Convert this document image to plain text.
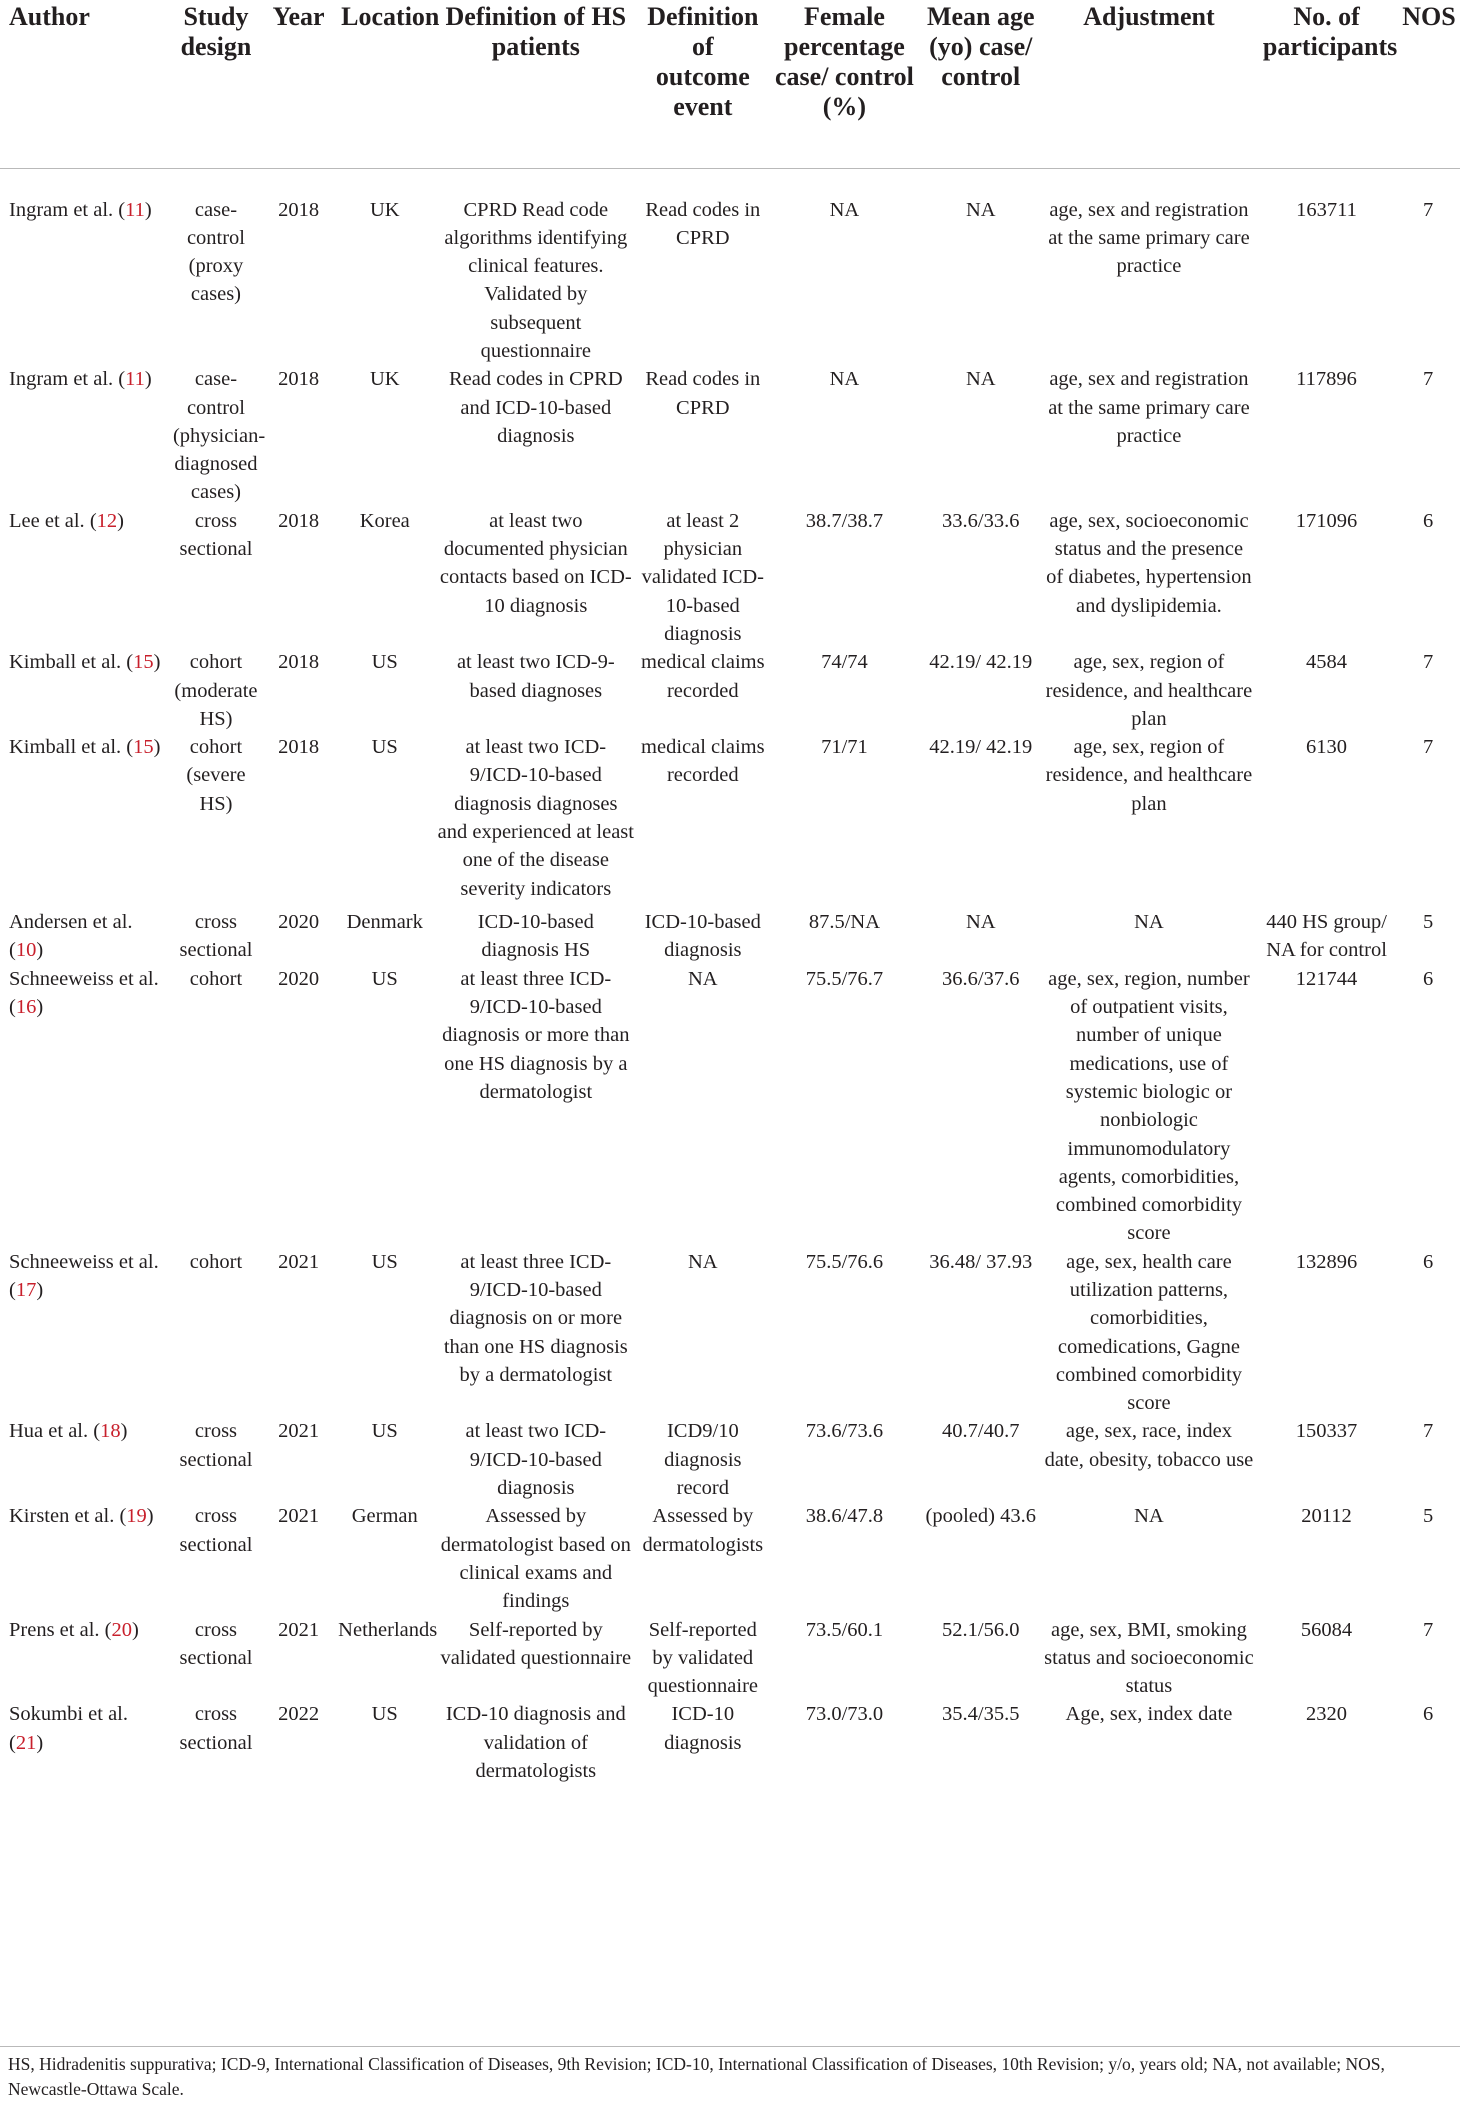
Author	Study design	Year	Location	Definition of HS patients	Definition of outcome event	Female percentage case/ control (%)	Mean age (yo) case/ control	Adjustment	No. of participants	NOS
Ingram et al. (11)	case-control (proxy cases)	2018	UK	CPRD Read code algorithms identifying clinical features. Validated by subsequent questionnaire	Read codes in CPRD	NA	NA	age, sex and registration at the same primary care practice	163711	7
Ingram et al. (11)	case-control (physician-diagnosed cases)	2018	UK	Read codes in CPRD and ICD-10-based diagnosis	Read codes in CPRD	NA	NA	age, sex and registration at the same primary care practice	117896	7
Lee et al. (12)	cross sectional	2018	Korea	at least two documented physician contacts based on ICD-10 diagnosis	at least 2 physician validated ICD-10-based diagnosis	38.7/38.7	33.6/33.6	age, sex, socioeconomic status and the presence of diabetes, hypertension and dyslipidemia.	171096	6
Kimball et al. (15)	cohort (moderate HS)	2018	US	at least two ICD-9-based diagnoses	medical claims recorded	74/74	42.19/ 42.19	age, sex, region of residence, and healthcare plan	4584	7
Kimball et al. (15)	cohort (severe HS)	2018	US	at least two ICD-9/ICD-10-based diagnosis diagnoses and experienced at least one of the disease severity indicators	medical claims recorded	71/71	42.19/ 42.19	age, sex, region of residence, and healthcare plan	6130	7
Andersen et al. (10)	cross sectional	2020	Denmark	ICD-10-based diagnosis HS	ICD-10-based diagnosis	87.5/NA	NA	NA	440 HS group/ NA for control	5
Schneeweiss et al. (16)	cohort	2020	US	at least three ICD-9/ICD-10-based diagnosis or more than one HS diagnosis by a dermatologist	NA	75.5/76.7	36.6/37.6	age, sex, region, number of outpatient visits, number of unique medications, use of systemic biologic or nonbiologic immunomodulatory agents, comorbidities, combined comorbidity score	121744	6
Schneeweiss et al. (17)	cohort	2021	US	at least three ICD-9/ICD-10-based diagnosis on or more than one HS diagnosis by a dermatologist	NA	75.5/76.6	36.48/ 37.93	age, sex, health care utilization patterns, comorbidities, comedications, Gagne combined comorbidity score	132896	6
Hua et al. (18)	cross sectional	2021	US	at least two ICD-9/ICD-10-based diagnosis	ICD9/10 diagnosis record	73.6/73.6	40.7/40.7	age, sex, race, index date, obesity, tobacco use	150337	7
Kirsten et al. (19)	cross sectional	2021	German	Assessed by dermatologist based on clinical exams and findings	Assessed by dermatologists	38.6/47.8	(pooled) 43.6	NA	20112	5
Prens et al. (20)	cross sectional	2021	Netherlands	Self-reported by validated questionnaire	Self-reported by validated questionnaire	73.5/60.1	52.1/56.0	age, sex, BMI, smoking status and socioeconomic status	56084	7
Sokumbi et al. (21)	cross sectional	2022	US	ICD-10 diagnosis and validation of dermatologists	ICD-10 diagnosis	73.0/73.0	35.4/35.5	Age, sex, index date	2320	6
HS, Hidradenitis suppurativa; ICD-9, International Classification of Diseases, 9th Revision; ICD-10, International Classification of Diseases, 10th Revision; y/o, years old; NA, not available; NOS, Newcastle-Ottawa Scale.
